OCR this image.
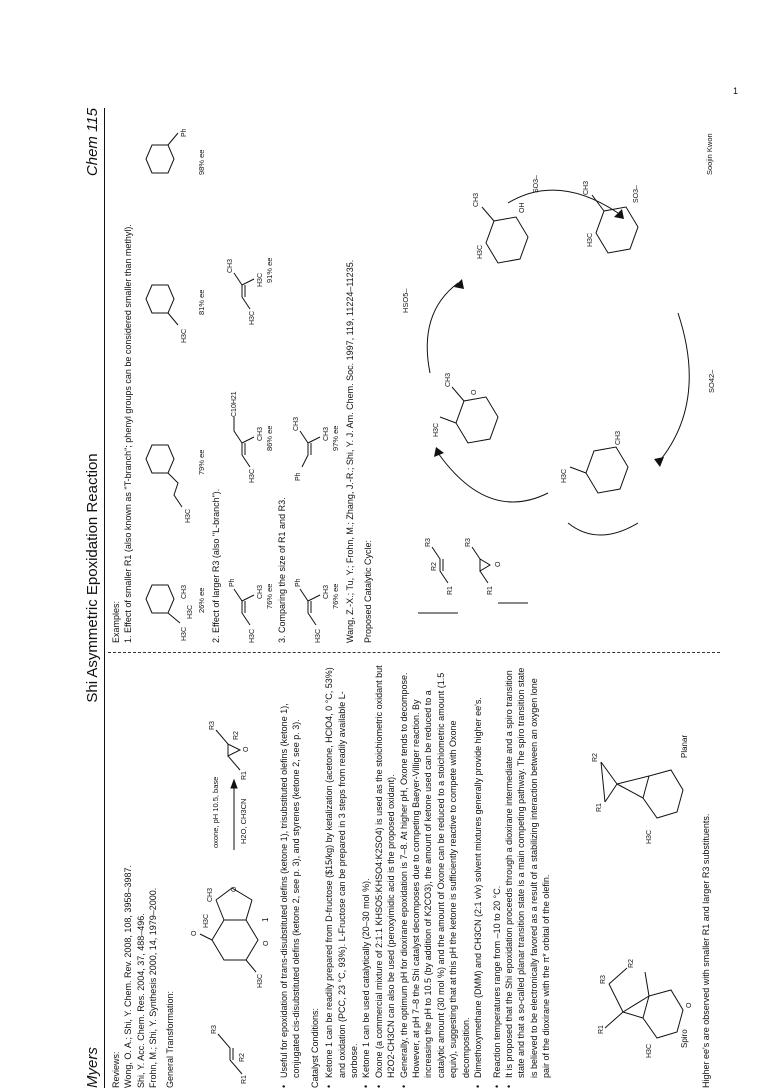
1
Myers
Shi Asymmetric Epoxidation Reaction
Chem 115

Reviews: Wong, O. A.; Shi, Y. Chem. Rev. 2008, 108, 3958–3987. Shi, Y. Acc. Chem. Res. 2004, 37, 488–496. Frohn, M.; Shi, Y. Synthesis 2000, 14, 1979–2000. General Transformation:	R1
R2
R3
O
O
H3C
CH3
H3C
O
R1
O
R2
R3
oxone, pH 10.5, base	H2O, CH3CN
1 • Useful for epoxidation of trans-disubstituted olefins (ketone 1), trisubstituted olefins (ketone 1), conjugated cis-disubstituted olefins (ketone 2, see p. 3), and styrenes (ketone 2, see p. 3). Catalyst Conditions: • Ketone 1 can be readily prepared from D-fructose ($15/kg) by ketalization (acetone, HClO4, 0 °C, 53%) and oxidation (PCC, 23 °C, 93%). L-Fructose can be prepared in 3 steps from readily available L-sorbose. • Ketone 1 can be used catalytically (20–30 mol %). • Oxone (a commercial mixture of 2:1:1 KHSO5:KHSO4:K2SO4) is used as the stoichiometric oxidant but H2O2-CH3CN can also be used (peroxyimidic acid is the proposed oxidant). • Generally, the optimum pH for dioxirane epoxidation is 7–8. At higher pH, Oxone tends to decompose. However, at pH 7–8 the Shi catalyst decomposes due to competing Baeyer-Villiger reaction. By increasing the pH to 10.5 (by addition of K2CO3), the amount of ketone used can be reduced to a catalytic amount (30 mol %) and the amount of Oxone can be reduced to a stoichiometric amount (1.5 equiv), suggesting that at this pH the ketone is sufficiently reactive to compete with Oxone decomposition. • Dimethoxymethane (DMM) and CH3CN (2:1 v/v) solvent mixtures generally provide higher ee's. • Reaction temperatures range from –10 to 20 °C. • It is proposed that the Shi epoxidation proceeds through a dioxirane intermediate and a spiro transition state and that a so-called planar transition state is a main competing pathway. The spiro transition state is believed to be electronically favored as a result of a stabilizing interaction between an oxygen lone pair of the dioxirane with the π* orbital of the olefin.	R1
R3
R2
H3C
O
R1
R2
H3C
Spiro
Planar
Higher ee's are observed with smaller R1 and larger R3 substituents.

Examples: 1. Effect of smaller R1 (also known as "T-branch"; phenyl groups can be considered smaller than methyl).	H3C
H3C
CH3
H3C
H3C
Ph
26% ee
79% ee
81% ee
98% ee
2. Effect of larger R3 (also "L-branch").	H3C
Ph
CH3
H3C
C10H21
CH3
H3C
H3C
CH3
76% ee
86% ee
91% ee
3. Comparing the size of R1 and R3.	H3C
Ph
CH3
Ph
CH3
CH3
76% ee
97% ee Wang, Z.-X.; Tu, Y.; Frohn, M.; Zhang, J.-R.; Shi, Y. J. Am. Chem. Soc. 1997, 119, 11224–11235. Proposed Catalytic Cycle:	R1
R3
R2
R1
R3
O
H3C
CH3
O
H3C
CH3
H3C
CH3
OH
SO3–
H3C
CH3	SO3–
HSO5–
SO42–
Soojin Kwon
